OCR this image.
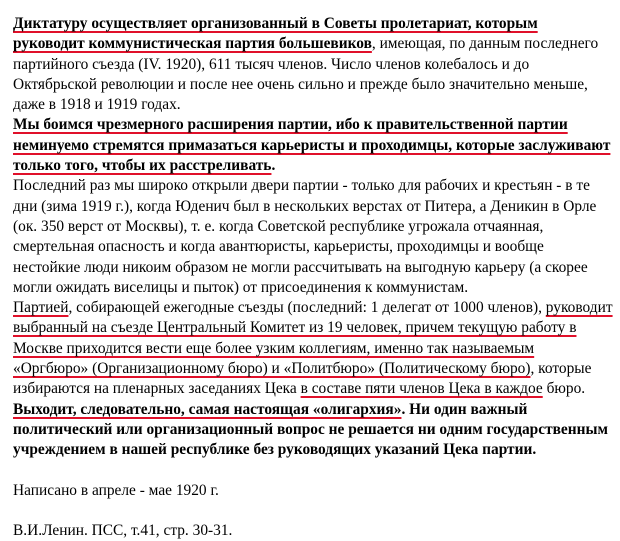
Диктатуру осуществляет организованный в Советы пролетариат, которым руководит коммунистическая партия большевиков, имеющая, по данным последнего партийного съезда (IV. 1920), 611 тысяч членов. Число членов колебалось и до Октябрьской революции и после нее очень сильно и прежде было значительно меньше, даже в 1918 и 1919 годах.

Мы боимся чрезмерного расширения партии, ибо к правительственной партии неминуемо стремятся примазаться карьеристы и проходимцы, которые заслуживают только того, чтобы их расстреливать.

Последний раз мы широко открыли двери партии - только для рабочих и крестьян - в те дни (зима 1919 г.), когда Юденич был в нескольких верстах от Питера, а Деникин в Орле (ок. 350 верст от Москвы), т. е. когда Советской республике угрожала отчаянная, смертельная опасность и когда авантюристы, карьеристы, проходимцы и вообще нестойкие люди никоим образом не могли рассчитывать на выгодную карьеру (а скорее могли ожидать виселицы и пыток) от присоединения к коммунистам.

Партией, собирающей ежегодные съезды (последний: 1 делегат от 1000 членов), руководит выбранный на съезде Центральный Комитет из 19 человек, причем текущую работу в Москве приходится вести еще более узким коллегиям, именно так называемым «Оргбюро» (Организационному бюро) и «Политбюро» (Политическому бюро), которые избираются на пленарных заседаниях Цека в составе пяти членов Цека в каждое бюро. Выходит, следовательно, самая настоящая «олигархия». Ни один важный политический или организационный вопрос не решается ни одним государственным учреждением в нашей республике без руководящих указаний Цека партии.

Написано в апреле - мае 1920 г.

В.И.Ленин. ПСС, т.41, стр. 30-31.
